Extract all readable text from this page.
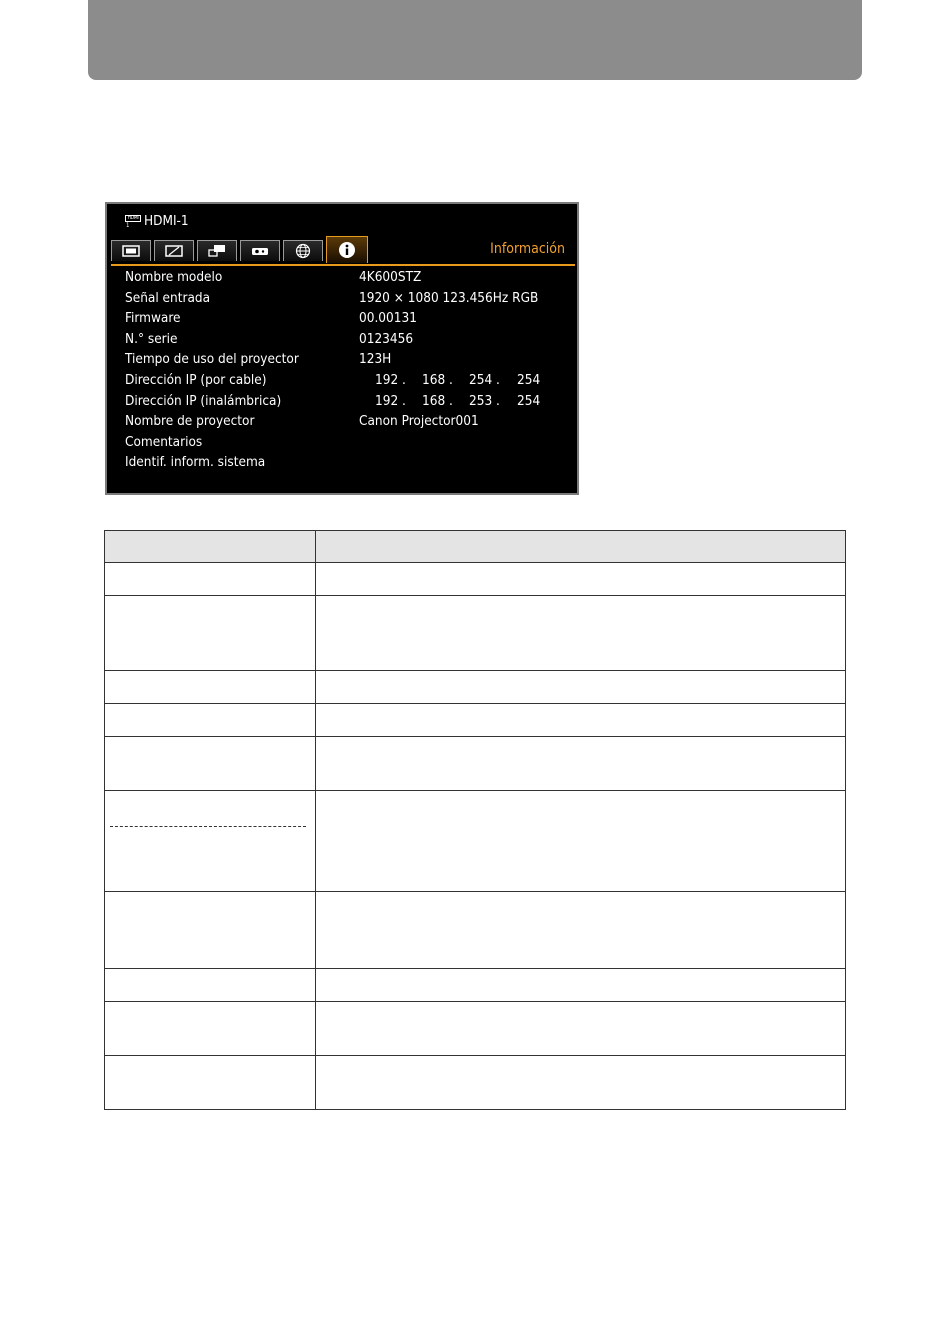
HDMI
1 HDMI-1
Información
Nombre modelo	4K600STZ
Señal entrada	1920 × 1080 123.456Hz RGB
Firmware	00.00131
N.° serie	0123456
Tiempo de uso del proyector	123H
Dirección IP (por cable)	192 . 168 . 254 . 254
Dirección IP (inalámbrica)	192 . 168 . 253 . 254
Nombre de proyector	Canon Projector001
Comentarios
Identif. inform. sistema
